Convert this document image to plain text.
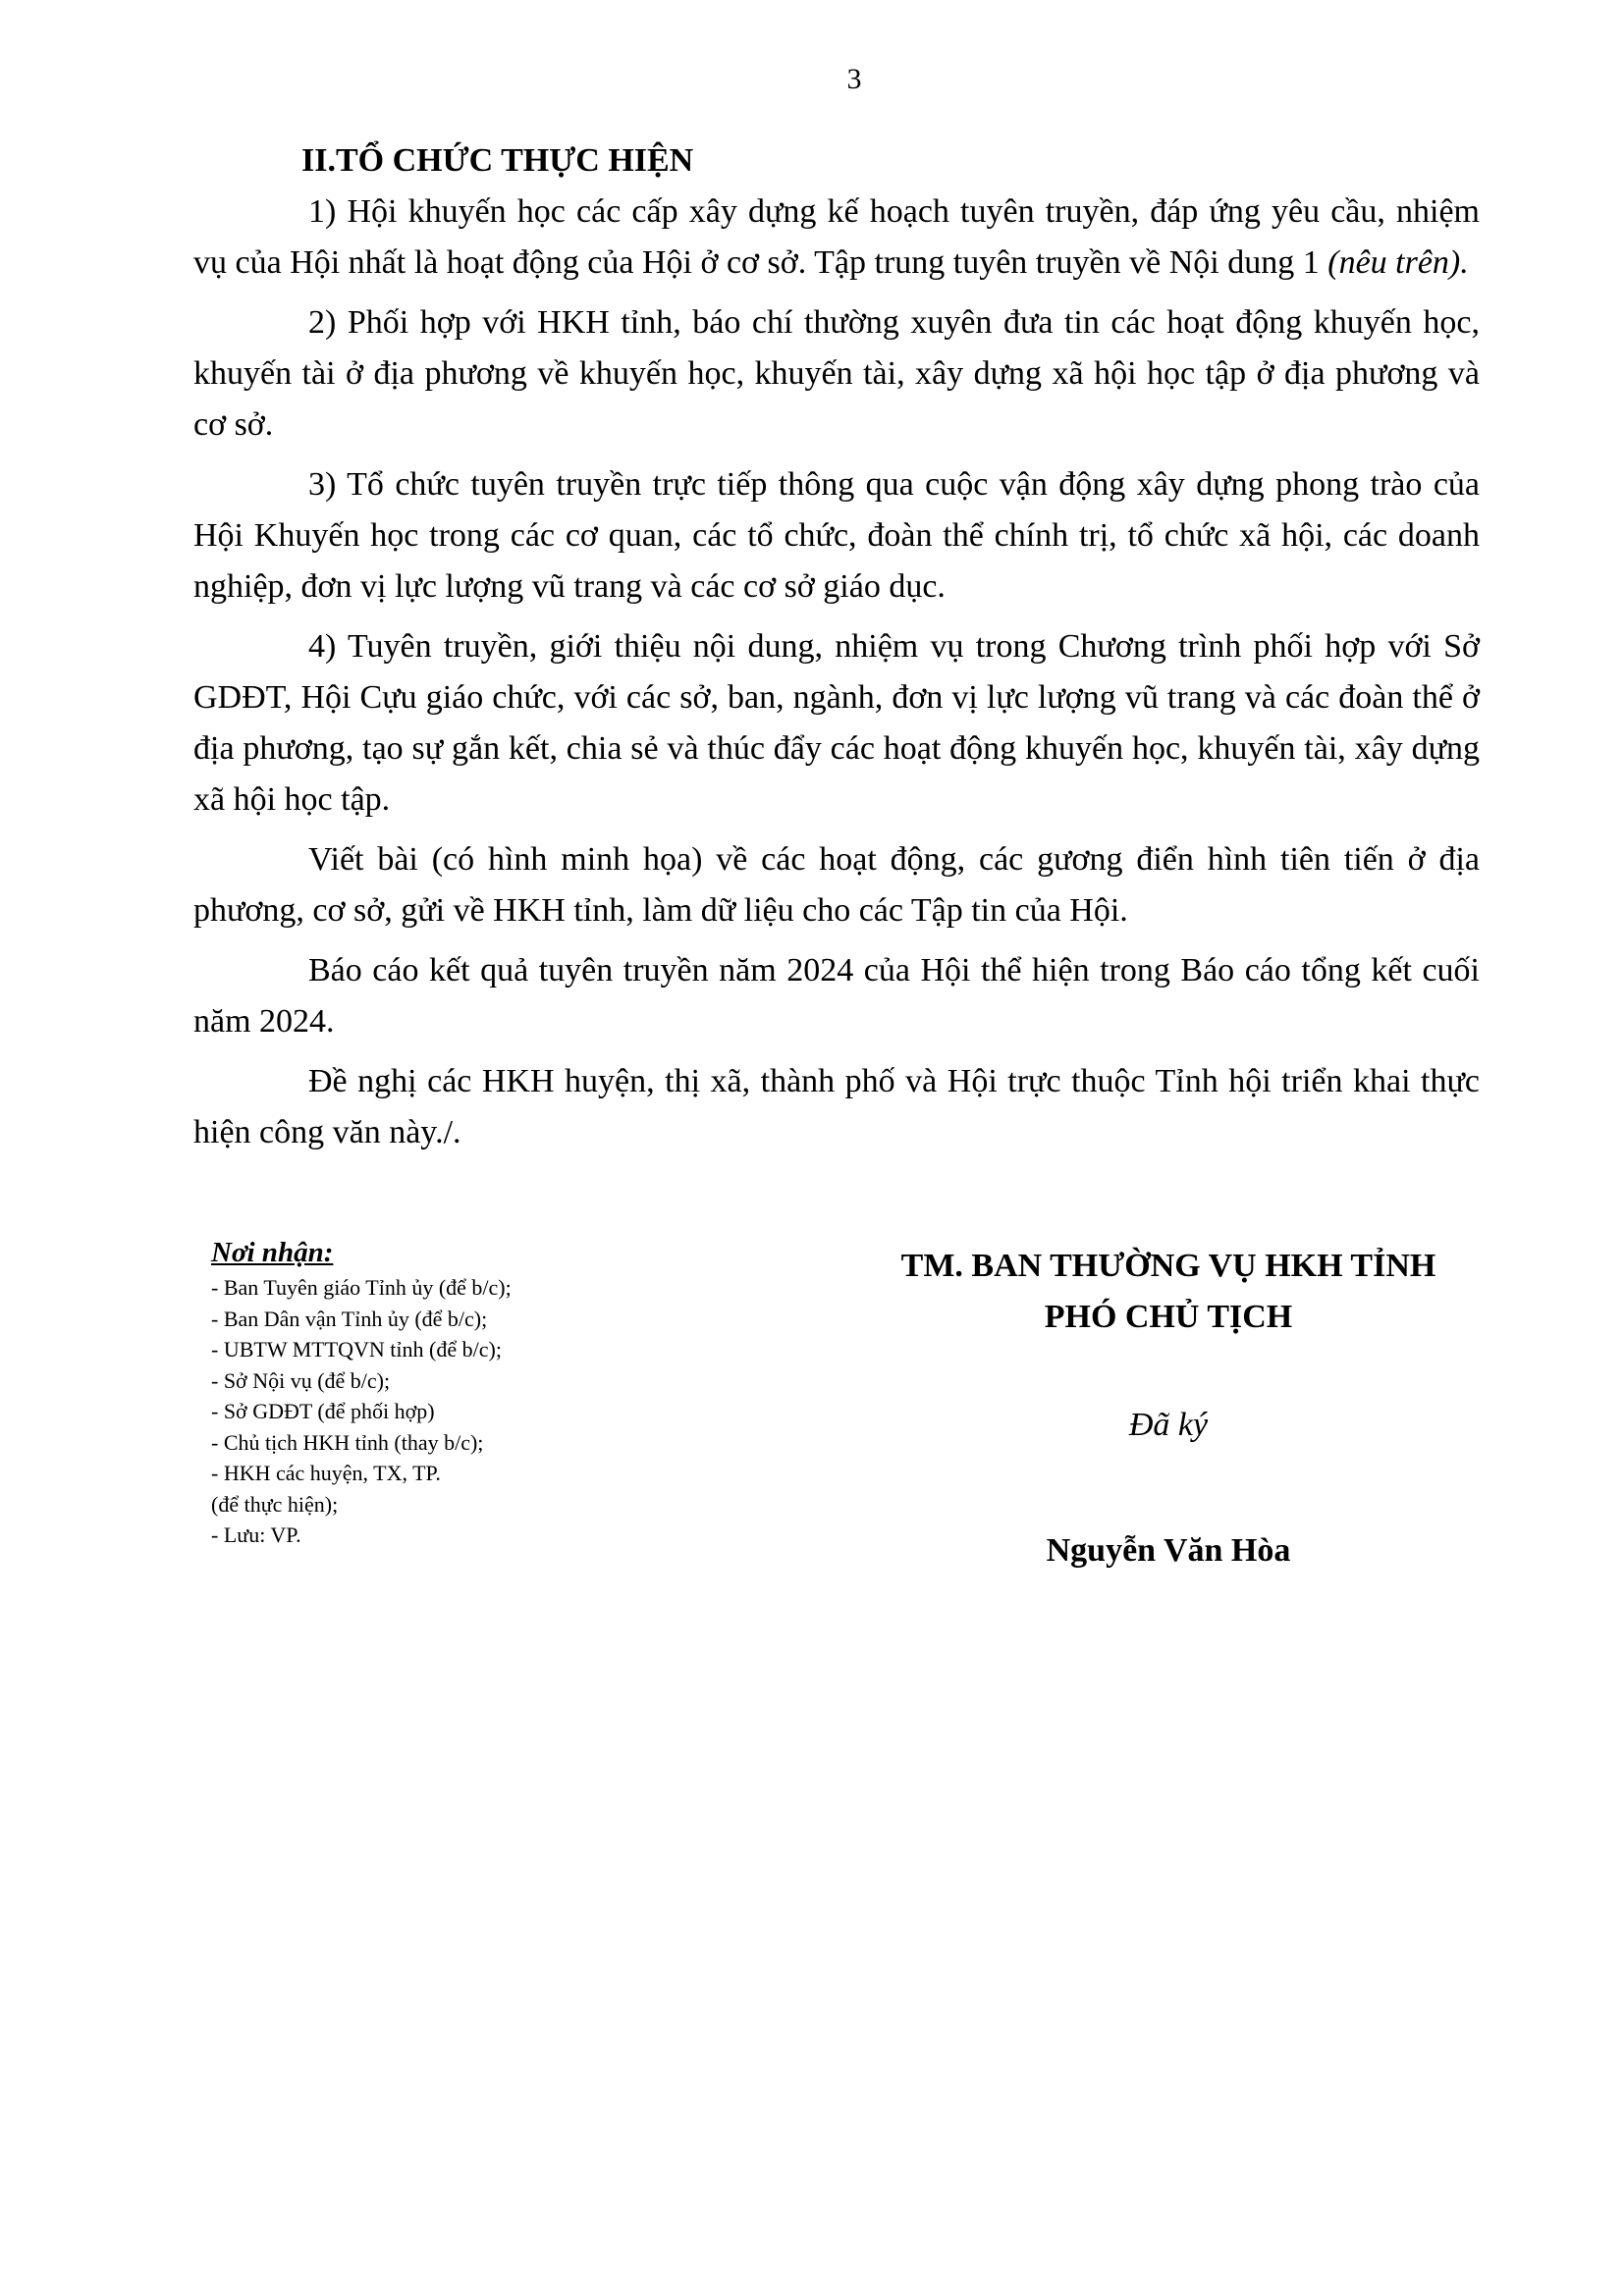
3
II.TỔ CHỨC THỰC HIỆN

1) Hội khuyến học các cấp xây dựng kế hoạch tuyên truyền, đáp ứng yêu cầu, nhiệm vụ của Hội nhất là hoạt động của Hội ở cơ sở. Tập trung tuyên truyền về Nội dung 1 (nêu trên).

2) Phối hợp với HKH tỉnh, báo chí thường xuyên đưa tin các hoạt động khuyến học, khuyến tài ở địa phương về khuyến học, khuyến tài, xây dựng xã hội học tập ở địa phương và cơ sở.

3) Tổ chức tuyên truyền trực tiếp thông qua cuộc vận động xây dựng phong trào của Hội Khuyến học trong các cơ quan, các tổ chức, đoàn thể chính trị, tổ chức xã hội, các doanh nghiệp, đơn vị lực lượng vũ trang và các cơ sở giáo dục.

4) Tuyên truyền, giới thiệu nội dung, nhiệm vụ trong Chương trình phối hợp với Sở GDĐT, Hội Cựu giáo chức, với các sở, ban, ngành, đơn vị lực lượng vũ trang và các đoàn thể ở địa phương, tạo sự gắn kết, chia sẻ và thúc đẩy các hoạt động khuyến học, khuyến tài, xây dựng xã hội học tập.

Viết bài (có hình minh họa) về các hoạt động, các gương điển hình tiên tiến ở địa phương, cơ sở, gửi về HKH tỉnh, làm dữ liệu cho các Tập tin của Hội.

Báo cáo kết quả tuyên truyền năm 2024 của Hội thể hiện trong Báo cáo tổng kết cuối năm 2024.

Đề nghị các HKH huyện, thị xã, thành phố và Hội trực thuộc Tỉnh hội triển khai thực hiện công văn này./.

Nơi nhận:
- Ban Tuyên giáo Tỉnh ủy (để b/c);
- Ban Dân vận Tỉnh ủy (để b/c);
- UBTW MTTQVN tỉnh (để b/c);
- Sở Nội vụ (để b/c);
- Sở GDĐT (để phối hợp)
- Chủ tịch HKH tỉnh (thay b/c);
- HKH các huyện, TX, TP.
(để thực hiện);
- Lưu: VP.
TM. BAN THƯỜNG VỤ HKH TỈNH
PHÓ CHỦ TỊCH
Đã ký
Nguyễn Văn Hòa
